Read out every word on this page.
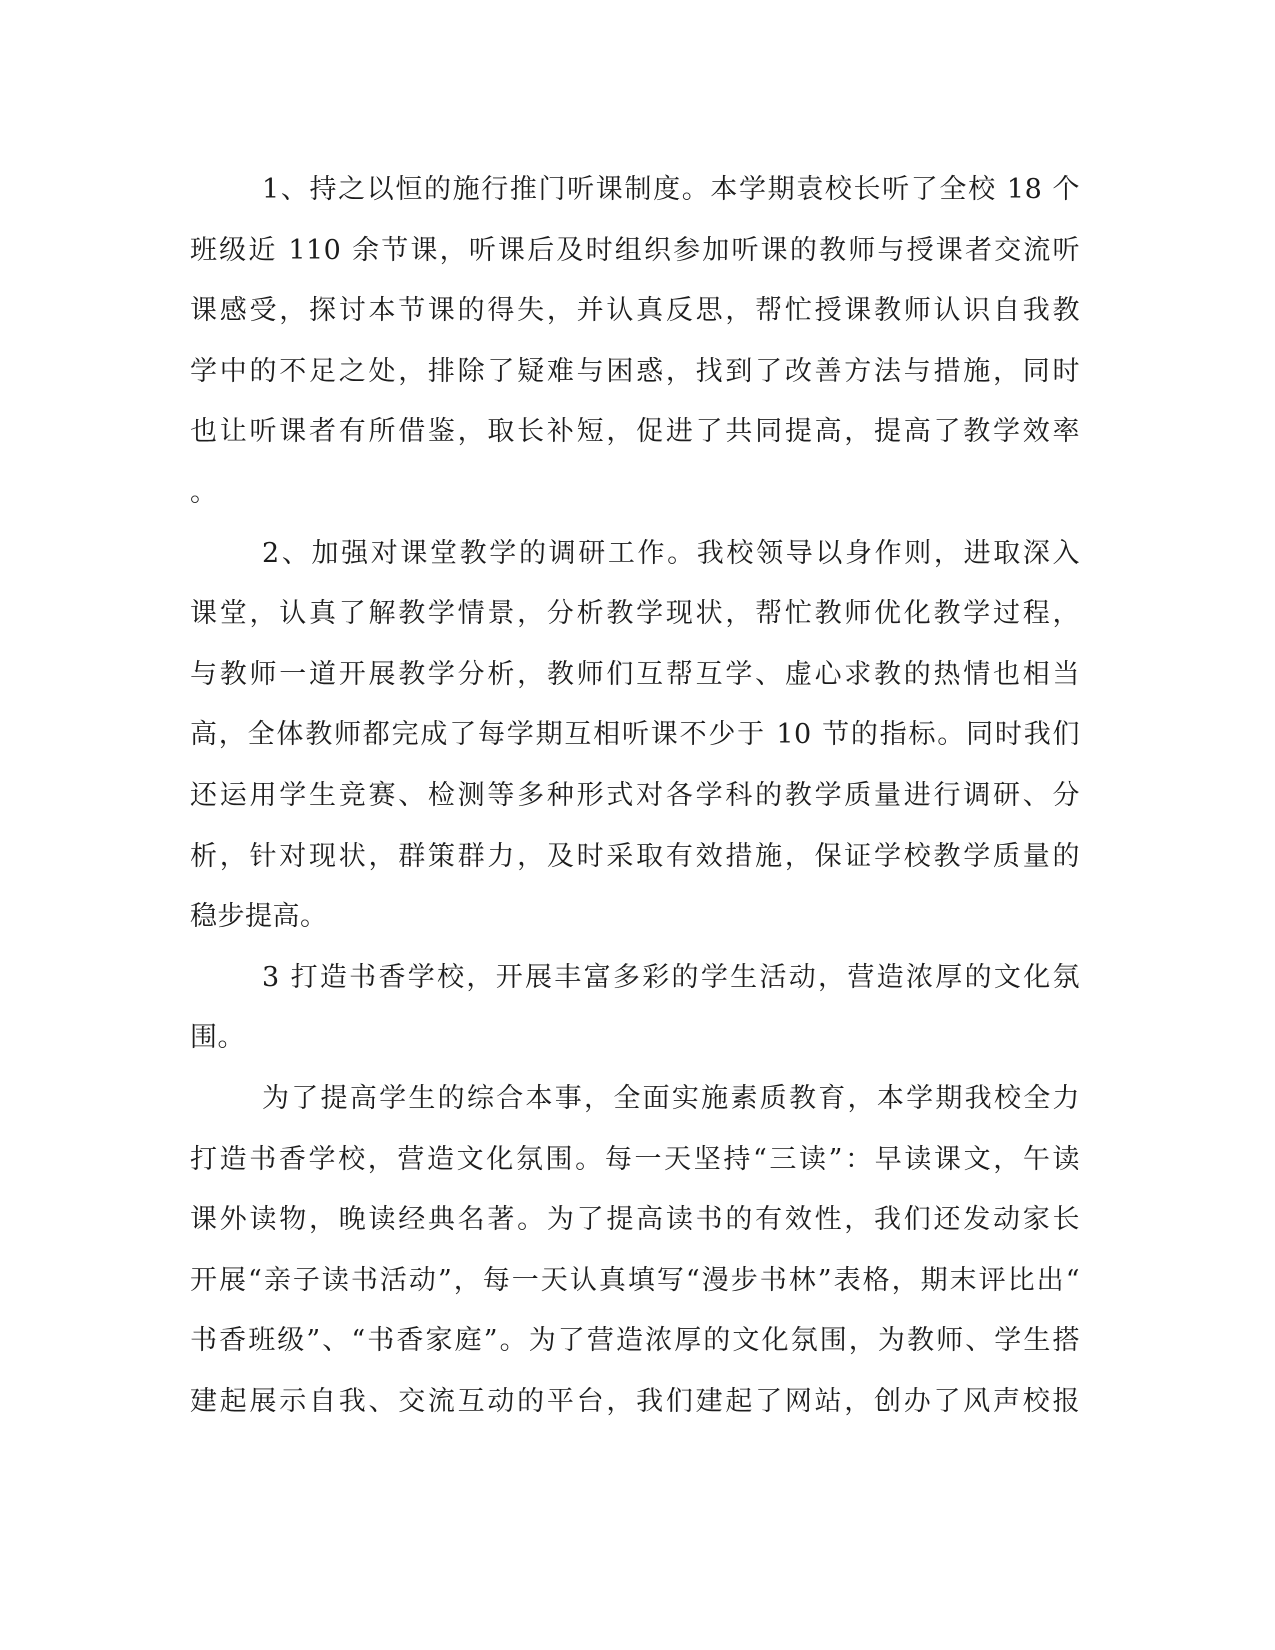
1、持之以恒的施行推门听课制度。本学期袁校长听了全校 18 个
班级近 110 余节课，听课后及时组织参加听课的教师与授课者交流听
课感受，探讨本节课的得失，并认真反思，帮忙授课教师认识自我教
学中的不足之处，排除了疑难与困惑，找到了改善方法与措施，同时
也让听课者有所借鉴，取长补短，促进了共同提高，提高了教学效率
。
2、加强对课堂教学的调研工作。我校领导以身作则，进取深入
课堂，认真了解教学情景，分析教学现状，帮忙教师优化教学过程，
与教师一道开展教学分析，教师们互帮互学、虚心求教的热情也相当
高，全体教师都完成了每学期互相听课不少于 10 节的指标。同时我们
还运用学生竞赛、检测等多种形式对各学科的教学质量进行调研、分
析，针对现状，群策群力，及时采取有效措施，保证学校教学质量的
稳步提高。
3 打造书香学校，开展丰富多彩的学生活动，营造浓厚的文化氛
围。
为了提高学生的综合本事，全面实施素质教育，本学期我校全力
打造书香学校，营造文化氛围。每一天坚持“三读”：早读课文，午读
课外读物，晚读经典名著。为了提高读书的有效性，我们还发动家长
开展“亲子读书活动”，每一天认真填写“漫步书林”表格，期末评比出“
书香班级”、“书香家庭”。为了营造浓厚的文化氛围，为教师、学生搭
建起展示自我、交流互动的平台，我们建起了网站，创办了风声校报
